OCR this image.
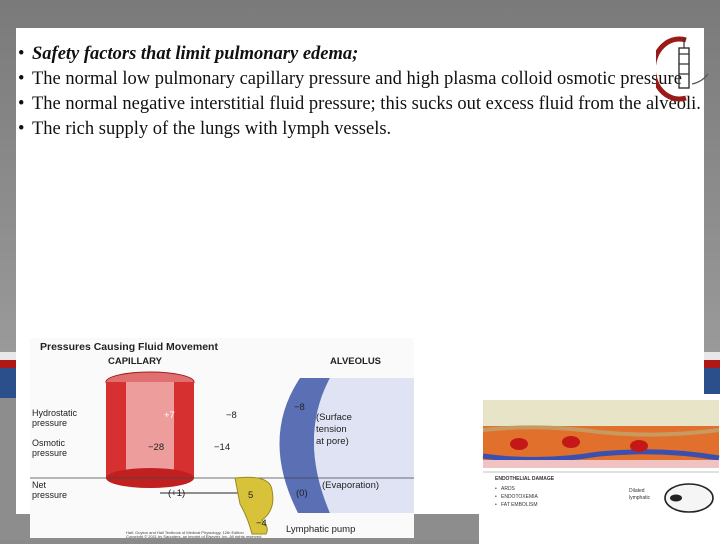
• Safety factors that limit pulmonary edema;
• The normal low pulmonary capillary pressure and high plasma colloid osmotic pressure
• The normal negative interstitial fluid pressure; this sucks out excess fluid from the alveoli.
• The rich supply of the lungs with lymph vessels.
Pressures Causing Fluid Movement
CAPILLARY	ALVEOLUS
Hydrostatic
pressure
+7	−8
−8
(Surface
tension
at pore)
Osmotic
pressure	−28	−14
Net
pressure	(+1)	5	(0)
(Evaporation)
−4
Lymphatic pump
Hall: Guyton and Hall Textbook of Medical Physiology, 12th Edition
Copyright © 2011 by Saunders, an imprint of Elsevier, Inc. All rights reserved.
ENDOTHELIAL DAMAGE
• ARDS
• ENDOTOXEMIA
• FAT EMBOLISM
Dilated
lymphatic
